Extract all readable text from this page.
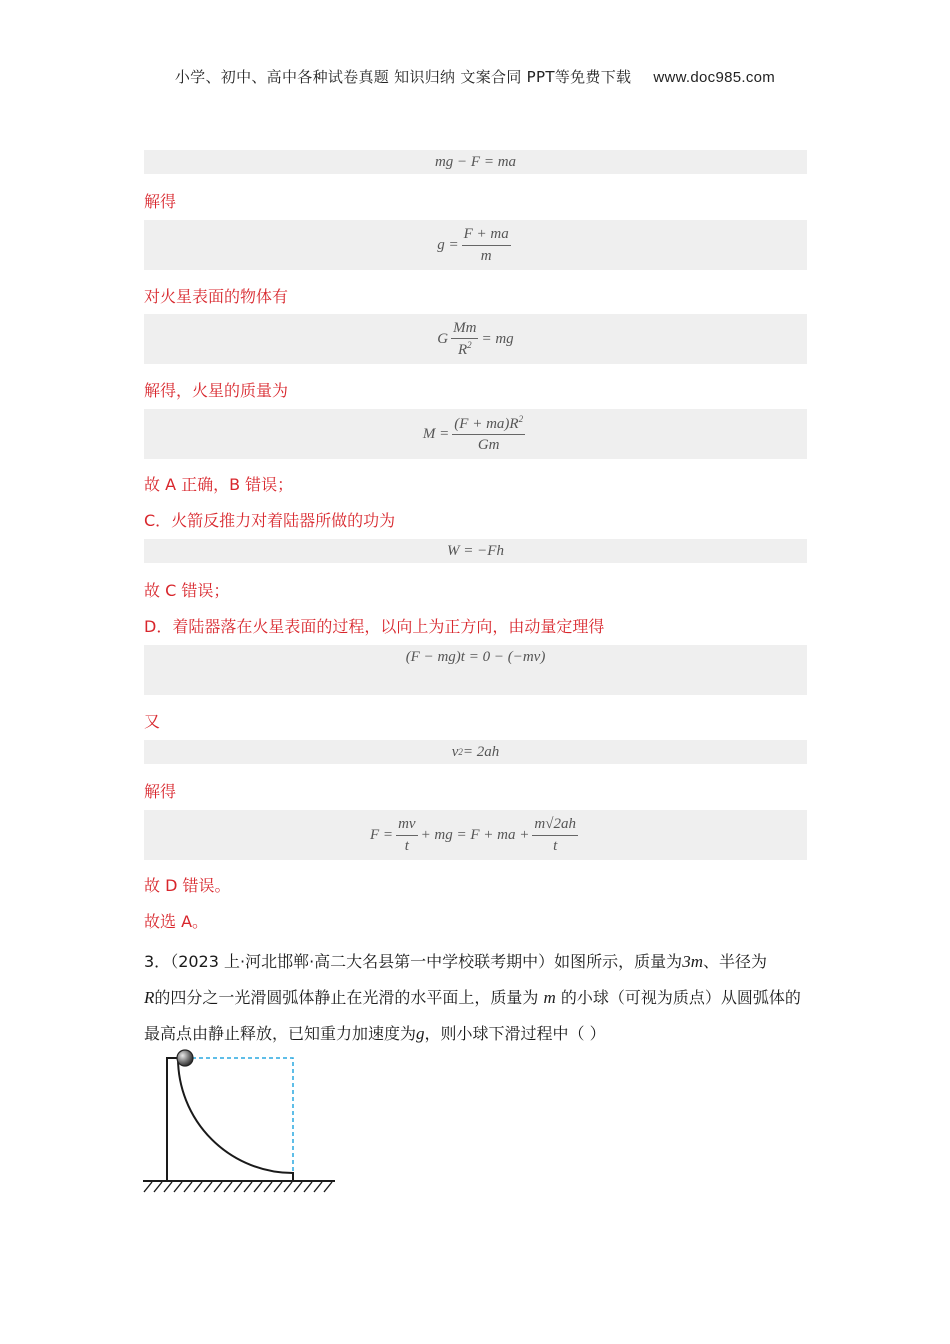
小学、初中、高中各种试卷真题 知识归纳 文案合同 PPT等免费下载 www.doc985.com
mg − F = ma
解得
$g = \frac{F + ma}{m}$
对火星表面的物体有
G $\frac{Mm}{R^2}$ = mg
解得，火星的质量为
$M = \frac{(F + ma)R^2}{Gm}$
故 A 正确，B 错误；
C．火箭反推力对着陆器所做的功为
W = −Fh
故 C 错误；
D．着陆器落在火星表面的过程，以向上为正方向，由动量定理得
(F − mg)t = 0 − (−mv)
又
v 2 = 2ah
解得
$F = \frac{mv}{t}$ + mg = F + ma + $\frac{m√2ah}{t}$
故 D 错误。
故选 A。
3．（2023 上·河北邯郸·高二大名县第一中学校联考期中）如图所示，质量为3m、半径为
R的四分之一光滑圆弧体静止在光滑的水平面上，质量为 m 的小球（可视为质点）从圆弧体的最高点由静止释放，已知重力加速度为g，则小球下滑过程中（ ）
